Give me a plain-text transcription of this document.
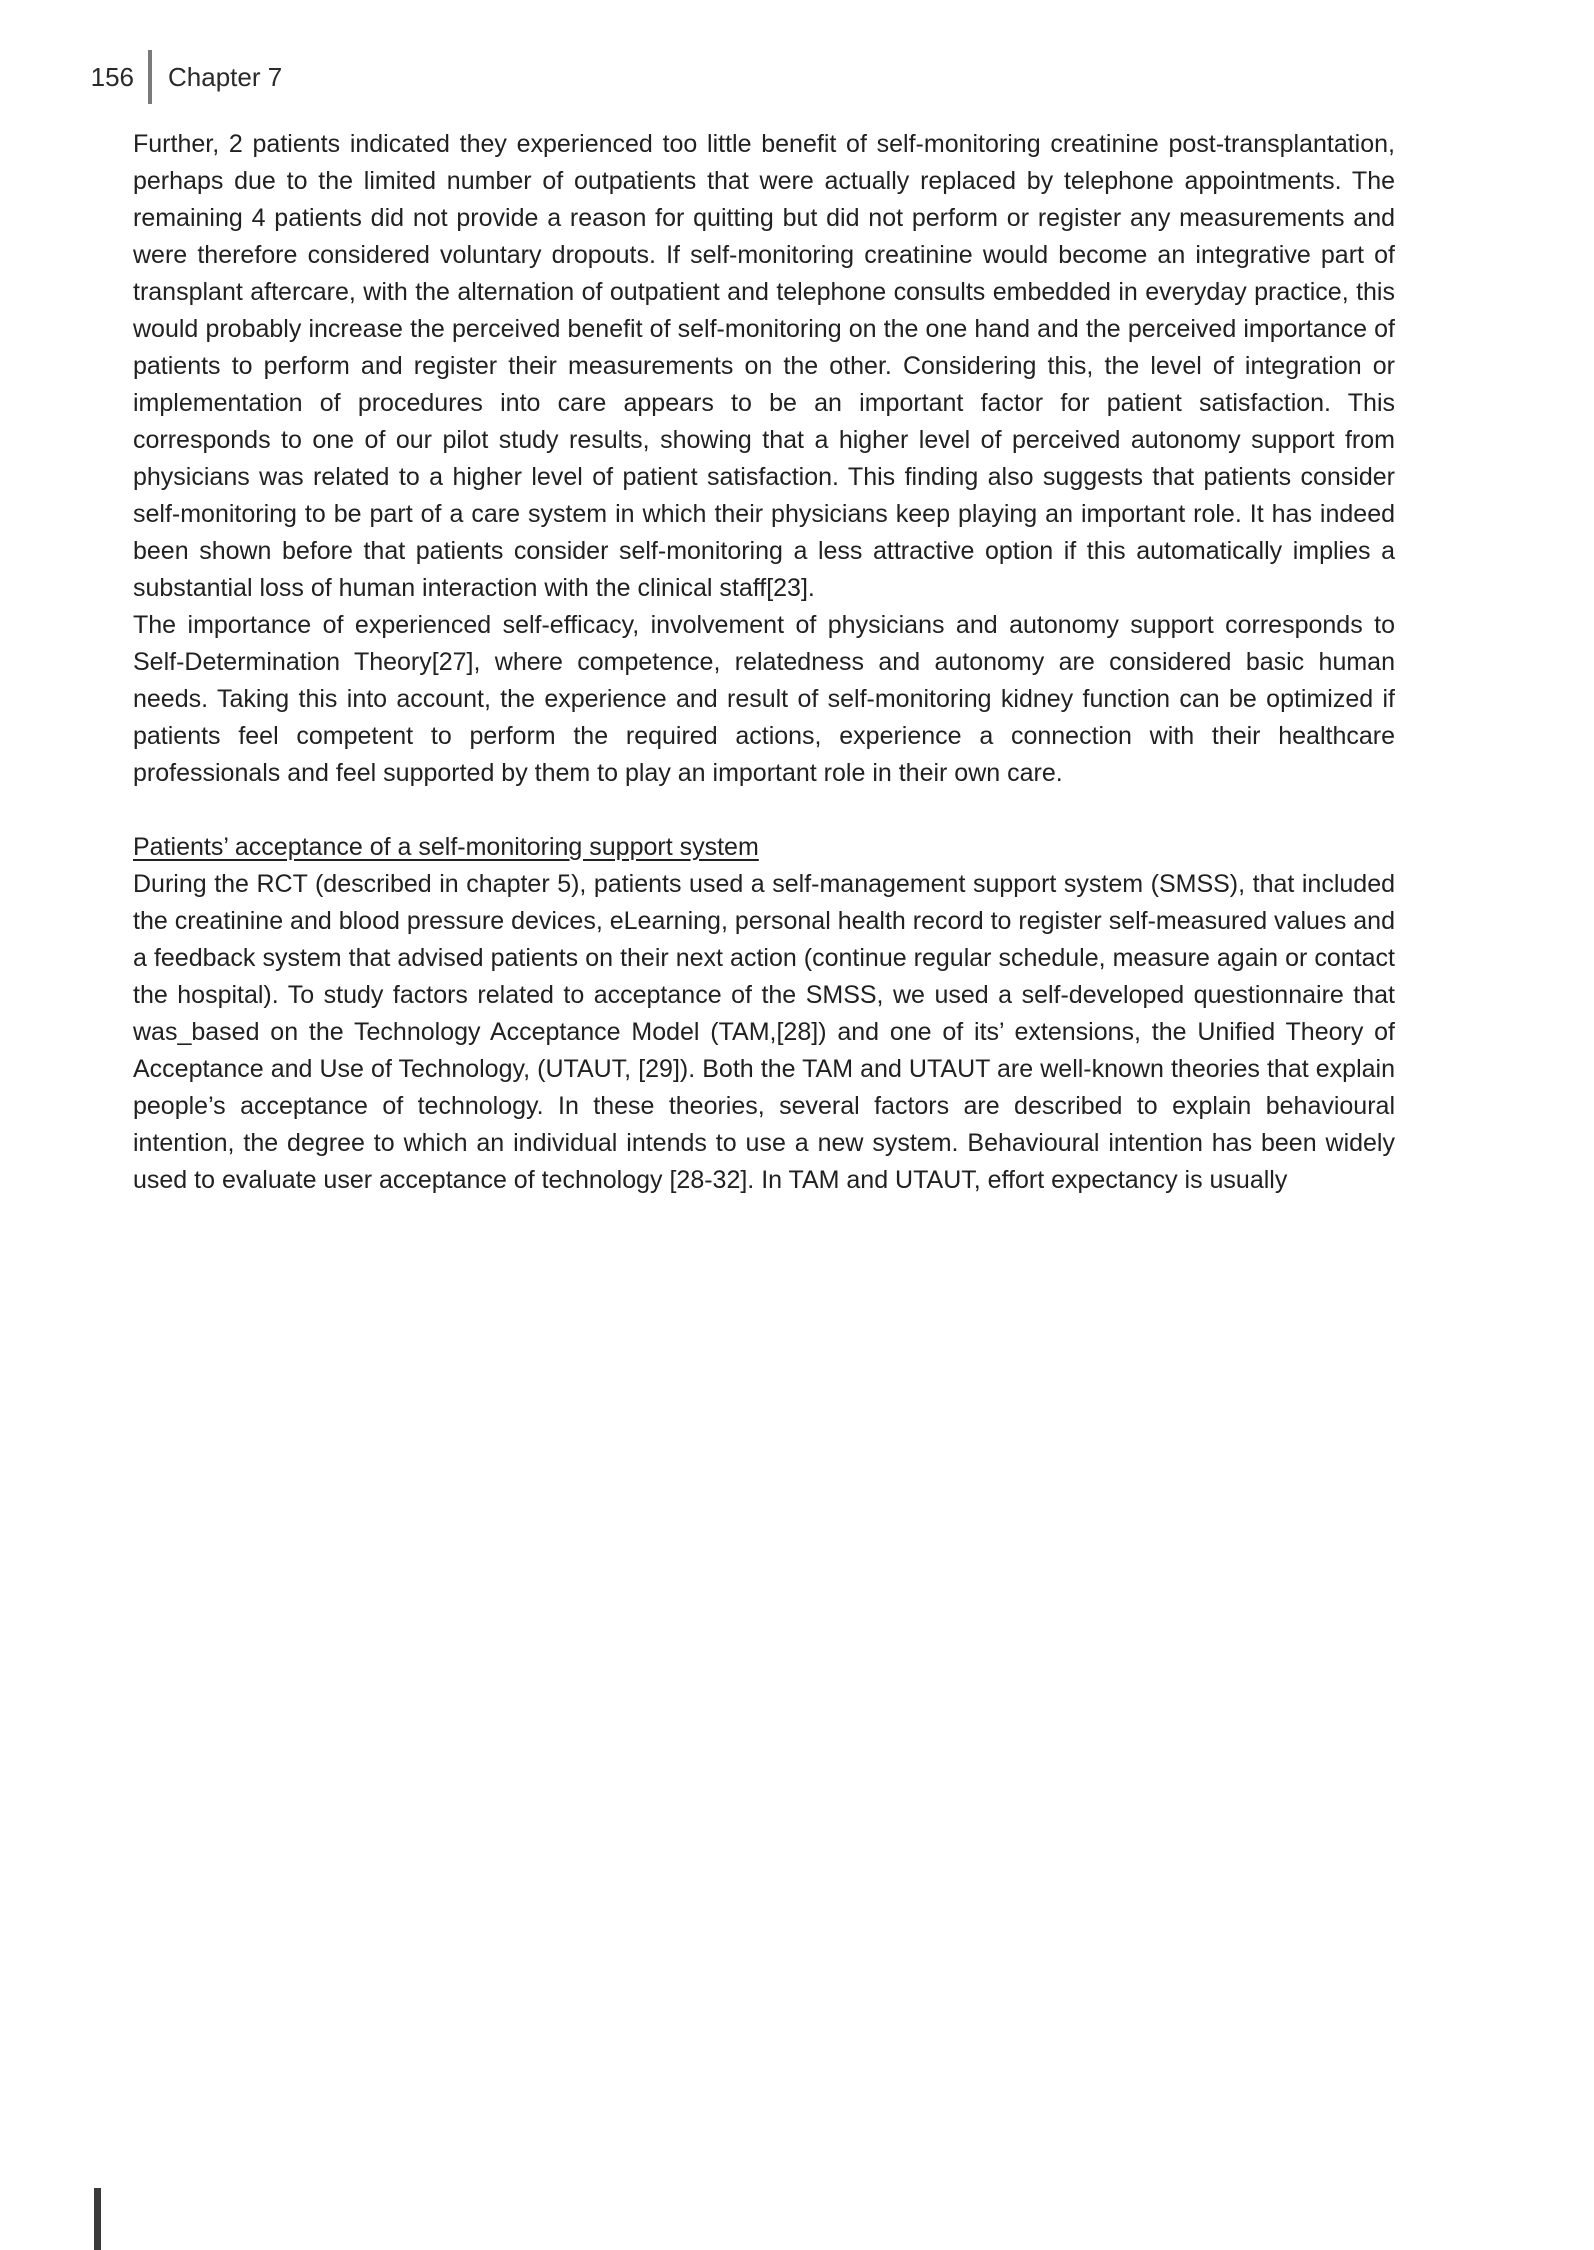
156 Chapter 7

Further, 2 patients indicated they experienced too little benefit of self-monitoring creatinine post-transplantation, perhaps due to the limited number of outpatients that were actually replaced by telephone appointments. The remaining 4 patients did not provide a reason for quitting but did not perform or register any measurements and were therefore considered voluntary dropouts. If self-monitoring creatinine would become an integrative part of transplant aftercare, with the alternation of outpatient and telephone consults embedded in everyday practice, this would probably increase the perceived benefit of self-monitoring on the one hand and the perceived importance of patients to perform and register their measurements on the other. Considering this, the level of integration or implementation of procedures into care appears to be an important factor for patient satisfaction. This corresponds to one of our pilot study results, showing that a higher level of perceived autonomy support from physicians was related to a higher level of patient satisfaction. This finding also suggests that patients consider self-monitoring to be part of a care system in which their physicians keep playing an important role. It has indeed been shown before that patients consider self-monitoring a less attractive option if this automatically implies a substantial loss of human interaction with the clinical staff[23].

The importance of experienced self-efficacy, involvement of physicians and autonomy support corresponds to Self-Determination Theory[27], where competence, relatedness and autonomy are considered basic human needs. Taking this into account, the experience and result of self-monitoring kidney function can be optimized if patients feel competent to perform the required actions, experience a connection with their healthcare professionals and feel supported by them to play an important role in their own care.

Patients’ acceptance of a self-monitoring support system

During the RCT (described in chapter 5), patients used a self-management support system (SMSS), that included the creatinine and blood pressure devices, eLearning, personal health record to register self-measured values and a feedback system that advised patients on their next action (continue regular schedule, measure again or contact the hospital). To study factors related to acceptance of the SMSS, we used a self-developed questionnaire that was_based on the Technology Acceptance Model (TAM,[28]) and one of its’ extensions, the Unified Theory of Acceptance and Use of Technology, (UTAUT, [29]). Both the TAM and UTAUT are well-known theories that explain people’s acceptance of technology. In these theories, several factors are described to explain behavioural intention, the degree to which an individual intends to use a new system. Behavioural intention has been widely used to evaluate user acceptance of technology [28-32]. In TAM and UTAUT, effort expectancy is usually
